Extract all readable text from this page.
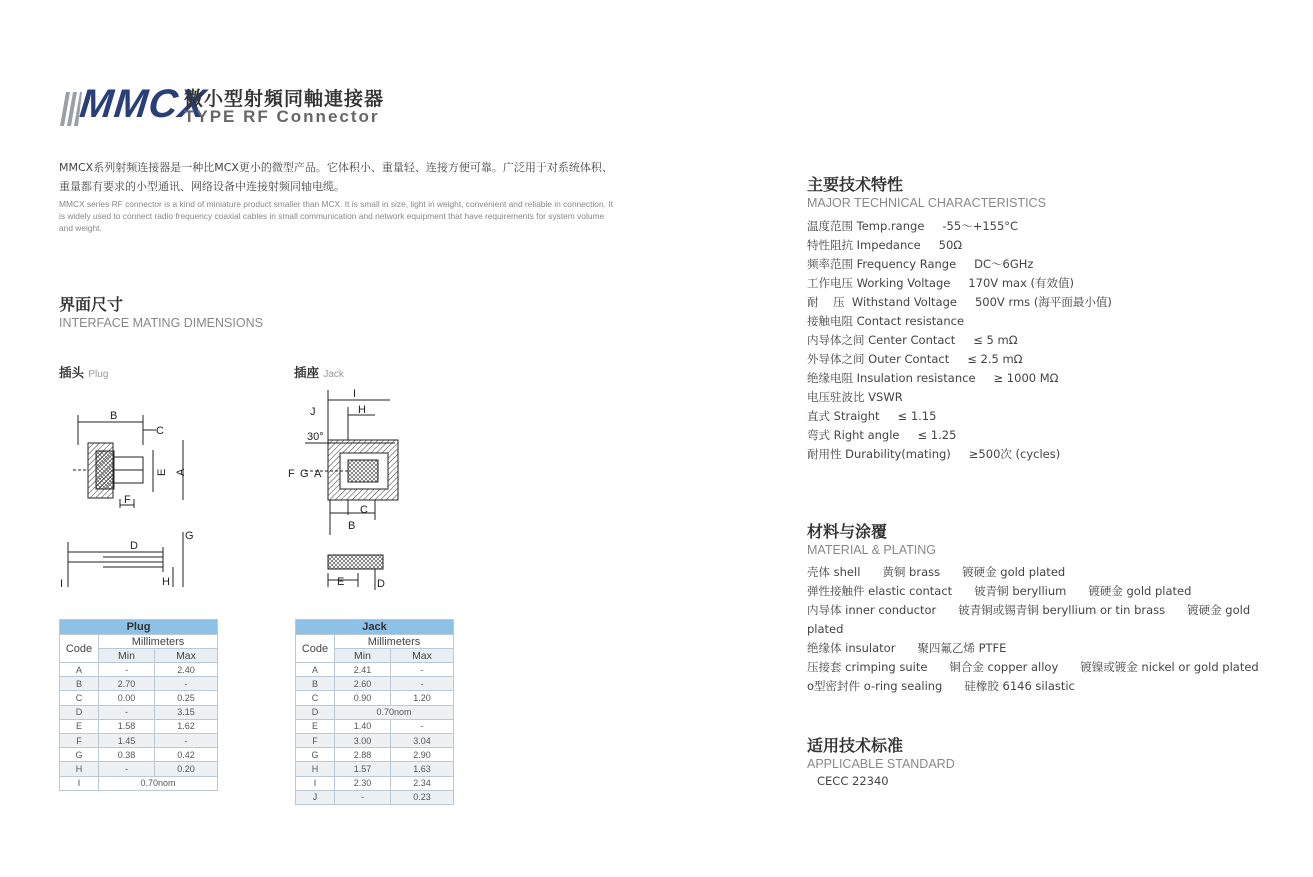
MMCX
微小型射頻同軸連接器
TYPE RF Connector
MMCX系列射频连接器是一种比MCX更小的微型产品。它体积小、重量轻、连接方便可靠。广泛用于对系统体积、重量都有要求的小型通讯、网络设备中连接射频同轴电缆。
MMCX series RF connector is a kind of miniature product smaller than MCX. It is small in size, light in weight, convenient and reliable in connection. It is widely used to connect radio frequency coaxial cables in small communication and network equipment that have requirements for system volume and weight.
界面尺寸
INTERFACE MATING DIMENSIONS
插头 Plug	插座 Jack
B
C
A
E
F
D
G
H
I
I
J	H
30°
F G A
C
B
E	D
Plug		
Code	Millimeters	
	Min	Max
A	-	2.40
B	2.70	-
C	0.00	0.25
D	-	3.15
E	1.58	1.62
F	1.45	-
G	0.38	0.42
H	-	0.20
I	0.70nom	
Jack		
Code	Millimeters	
	Min	Max
A	2.41	-
B	2.60	-
C	0.90	1.20
D	0.70nom	
E	1.40	-
F	3.00	3.04
G	2.88	2.90
H	1.57	1.63
I	2.30	2.34
J	-	0.23
主要技术特性
MAJOR TECHNICAL CHARACTERISTICS
温度范围 Temp.range -55～+155°C
特性阻抗 Impedance 50Ω
频率范围 Frequency Range DC～6GHz
工作电压 Working Voltage 170V max (有效值)
耐    压  Withstand Voltage 500V rms (海平面最小值)
接触电阻 Contact resistance
内导体之间 Center Contact ≤ 5 mΩ
外导体之间 Outer Contact ≤ 2.5 mΩ
绝缘电阻 Insulation resistance ≥ 1000 MΩ
电压驻波比 VSWR
直式 Straight ≤ 1.15
弯式 Right angle ≤ 1.25
耐用性 Durability(mating) ≥500次 (cycles)
材料与涂覆
MATERIAL & PLATING
壳体 shell 黄铜 brass 镀硬金 gold plated
弹性接触件 elastic contact 铍青铜 beryllium 镀硬金 gold plated
内导体 inner conductor 铍青铜或锡青铜 beryllium or tin brass 镀硬金 gold plated
绝缘体 insulator 聚四氟乙烯 PTFE
压接套 crimping suite 铜合金 copper alloy 镀镍或镀金 nickel or gold plated
o型密封件 o-ring sealing 硅橡胶 6146 silastic
适用技术标准
APPLICABLE STANDARD
CECC 22340
